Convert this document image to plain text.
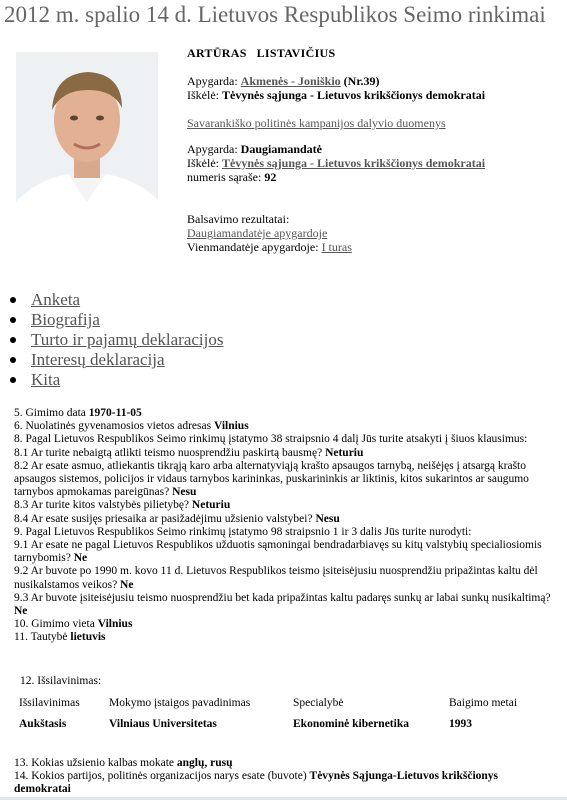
2012 m. spalio 14 d. Lietuvos Respublikos Seimo rinkimai
ARTŪRAS   LISTAVIČIUS
Apygarda: Akmenės - Joniškio (Nr.39)
Iškėlė: Tėvynės sąjunga - Lietuvos krikščionys demokratai
Savarankiško politinės kampanijos dalyvio duomenys
Apygarda: Daugiamandatė
Iškėlė: Tėvynės sąjunga - Lietuvos krikščionys demokratai
numeris sąraše: 92
Balsavimo rezultatai:
Daugiamandatėje apygardoje
Vienmandatėje apygardoje: I turas
Anketa
Biografija
Turto ir pajamų deklaracijos
Interesų deklaracija
Kita
5. Gimimo data 1970-11-05
6. Nuolatinės gyvenamosios vietos adresas Vilnius
8. Pagal Lietuvos Respublikos Seimo rinkimų įstatymo 38 straipsnio 4 dalį Jūs turite atsakyti į šiuos klausimus:
8.1 Ar turite nebaigtą atlikti teismo nuosprendžiu paskirtą bausmę? Neturiu
8.2 Ar esate asmuo, atliekantis tikrąją karo arba alternatyviąją krašto apsaugos tarnybą, neišėjęs į atsargą krašto apsaugos sistemos, policijos ir vidaus tarnybos karininkas, puskarininkis ar liktinis, kitos sukarintos ar saugumo tarnybos apmokamas pareigūnas? Nesu
8.3 Ar turite kitos valstybės pilietybę? Neturiu
8.4 Ar esate susijęs priesaika ar pasižadėjimu užsienio valstybei? Nesu
9. Pagal Lietuvos Respublikos Seimo rinkimų įstatymo 98 straipsnio 1 ir 3 dalis Jūs turite nurodyti:
9.1 Ar esate ne pagal Lietuvos Respublikos užduotis sąmoningai bendradarbiavęs su kitų valstybių specialiosiomis tarnybomis? Ne
9.2 Ar buvote po 1990 m. kovo 11 d. Lietuvos Respublikos teismo įsiteisėjusiu nuosprendžiu pripažintas kaltu dėl nusikalstamos veikos? Ne
9.3 Ar buvote įsiteisėjusiu teismo nuosprendžiu bet kada pripažintas kaltu padaręs sunkų ar labai sunkų nusikaltimą? Ne
10. Gimimo vieta Vilnius
11. Tautybė lietuvis
12. Išsilavinimas:
Išsilavinimas	Mokymo įstaigos pavadinimas	Specialybė	Baigimo metai
Aukštasis	Vilniaus Universitetas	Ekonominė kibernetika	1993
13. Kokias užsienio kalbas mokate anglų, rusų
14. Kokios partijos, politinės organizacijos narys esate (buvote) Tėvynės Sąjunga-Lietuvos krikščionys demokratai
